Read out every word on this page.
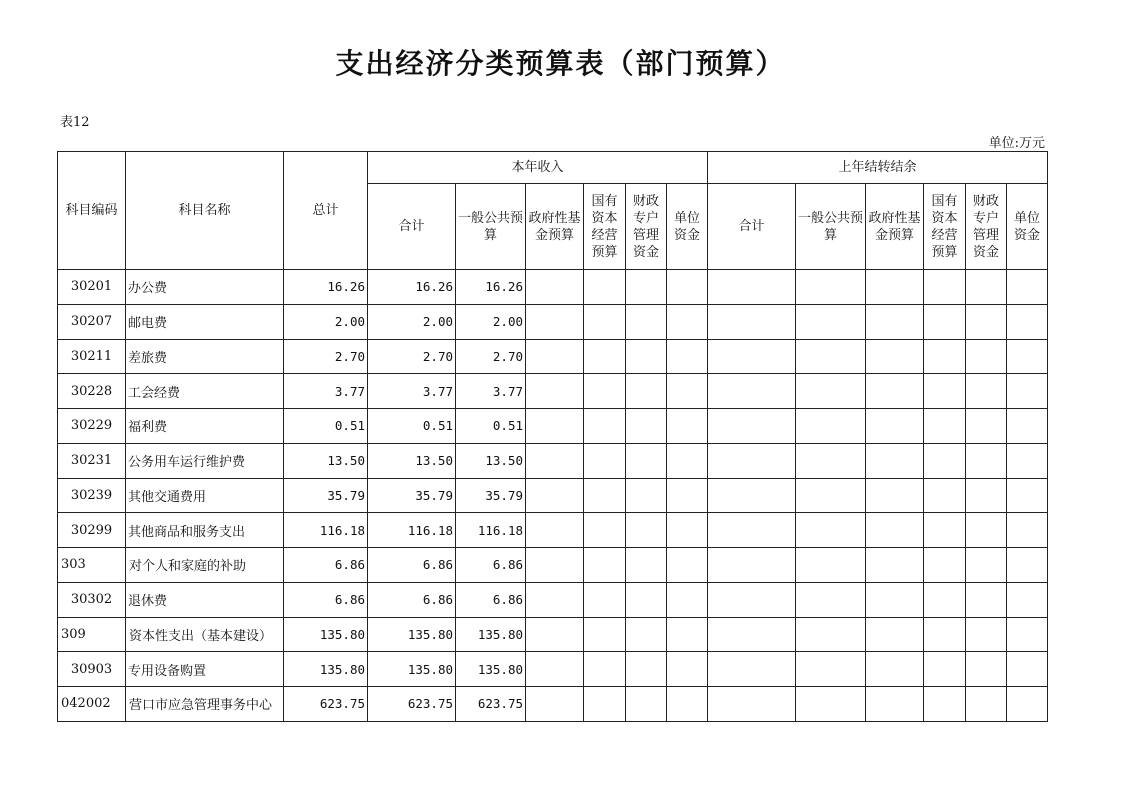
支出经济分类预算表（部门预算）
表12
单位:万元
科目编码	科目名称	总计	本年收入						上年结转结余					
			合计	一般公共预算	政府性基金预算	国有资本经营预算	财政专户管理资金	单位资金	合计	一般公共预算	政府性基金预算	国有资本经营预算	财政专户管理资金	单位资金
30201	办公费	16.26	16.26	16.26										
30207	邮电费	2.00	2.00	2.00										
30211	差旅费	2.70	2.70	2.70										
30228	工会经费	3.77	3.77	3.77										
30229	福利费	0.51	0.51	0.51										
30231	公务用车运行维护费	13.50	13.50	13.50										
30239	其他交通费用	35.79	35.79	35.79										
30299	其他商品和服务支出	116.18	116.18	116.18										
303	对个人和家庭的补助	6.86	6.86	6.86										
30302	退休费	6.86	6.86	6.86										
309	资本性支出（基本建设）	135.80	135.80	135.80										
30903	专用设备购置	135.80	135.80	135.80										
042002	营口市应急管理事务中心	623.75	623.75	623.75										
